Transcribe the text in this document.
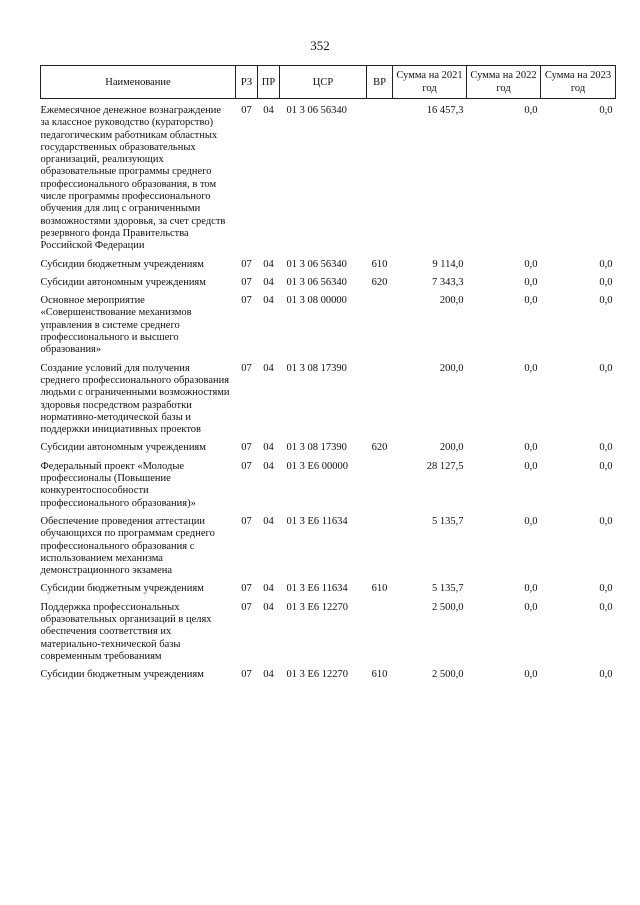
352
Наименование	РЗ	ПР	ЦСР	ВР	Сумма на 2021 год	Сумма на 2022 год	Сумма на 2023 год
Ежемесячное денежное вознаграждение за классное руководство (кураторство) педагогическим работникам областных государственных образовательных организаций, реализующих образовательные программы среднего профессионального образования, в том числе программы профессионального обучения для лиц с ограниченными возможностями здоровья, за счет средств резервного фонда Правительства Российской Федерации	07	04	01 3 06 56340		16 457,3	0,0	0,0
Субсидии бюджетным учреждениям	07	04	01 3 06 56340	610	9 114,0	0,0	0,0
Субсидии автономным учреждениям	07	04	01 3 06 56340	620	7 343,3	0,0	0,0
Основное мероприятие «Совершенствование механизмов управления в системе среднего профессионального и высшего образования»	07	04	01 3 08 00000		200,0	0,0	0,0
Создание условий для получения среднего профессионального образования людьми с ограниченными возможностями здоровья посредством разработки нормативно-методической базы и поддержки инициативных проектов	07	04	01 3 08 17390		200,0	0,0	0,0
Субсидии автономным учреждениям	07	04	01 3 08 17390	620	200,0	0,0	0,0
Федеральный проект «Молодые профессионалы (Повышение конкурентоспособности профессионального образования)»	07	04	01 3 E6 00000		28 127,5	0,0	0,0
Обеспечение проведения аттестации обучающихся по программам среднего профессионального образования с использованием механизма демонстрационного экзамена	07	04	01 3 E6 11634		5 135,7	0,0	0,0
Субсидии бюджетным учреждениям	07	04	01 3 E6 11634	610	5 135,7	0,0	0,0
Поддержка профессиональных образовательных организаций в целях обеспечения соответствия их материально-технической базы современным требованиям	07	04	01 3 E6 12270		2 500,0	0,0	0,0
Субсидии бюджетным учреждениям	07	04	01 3 E6 12270	610	2 500,0	0,0	0,0
